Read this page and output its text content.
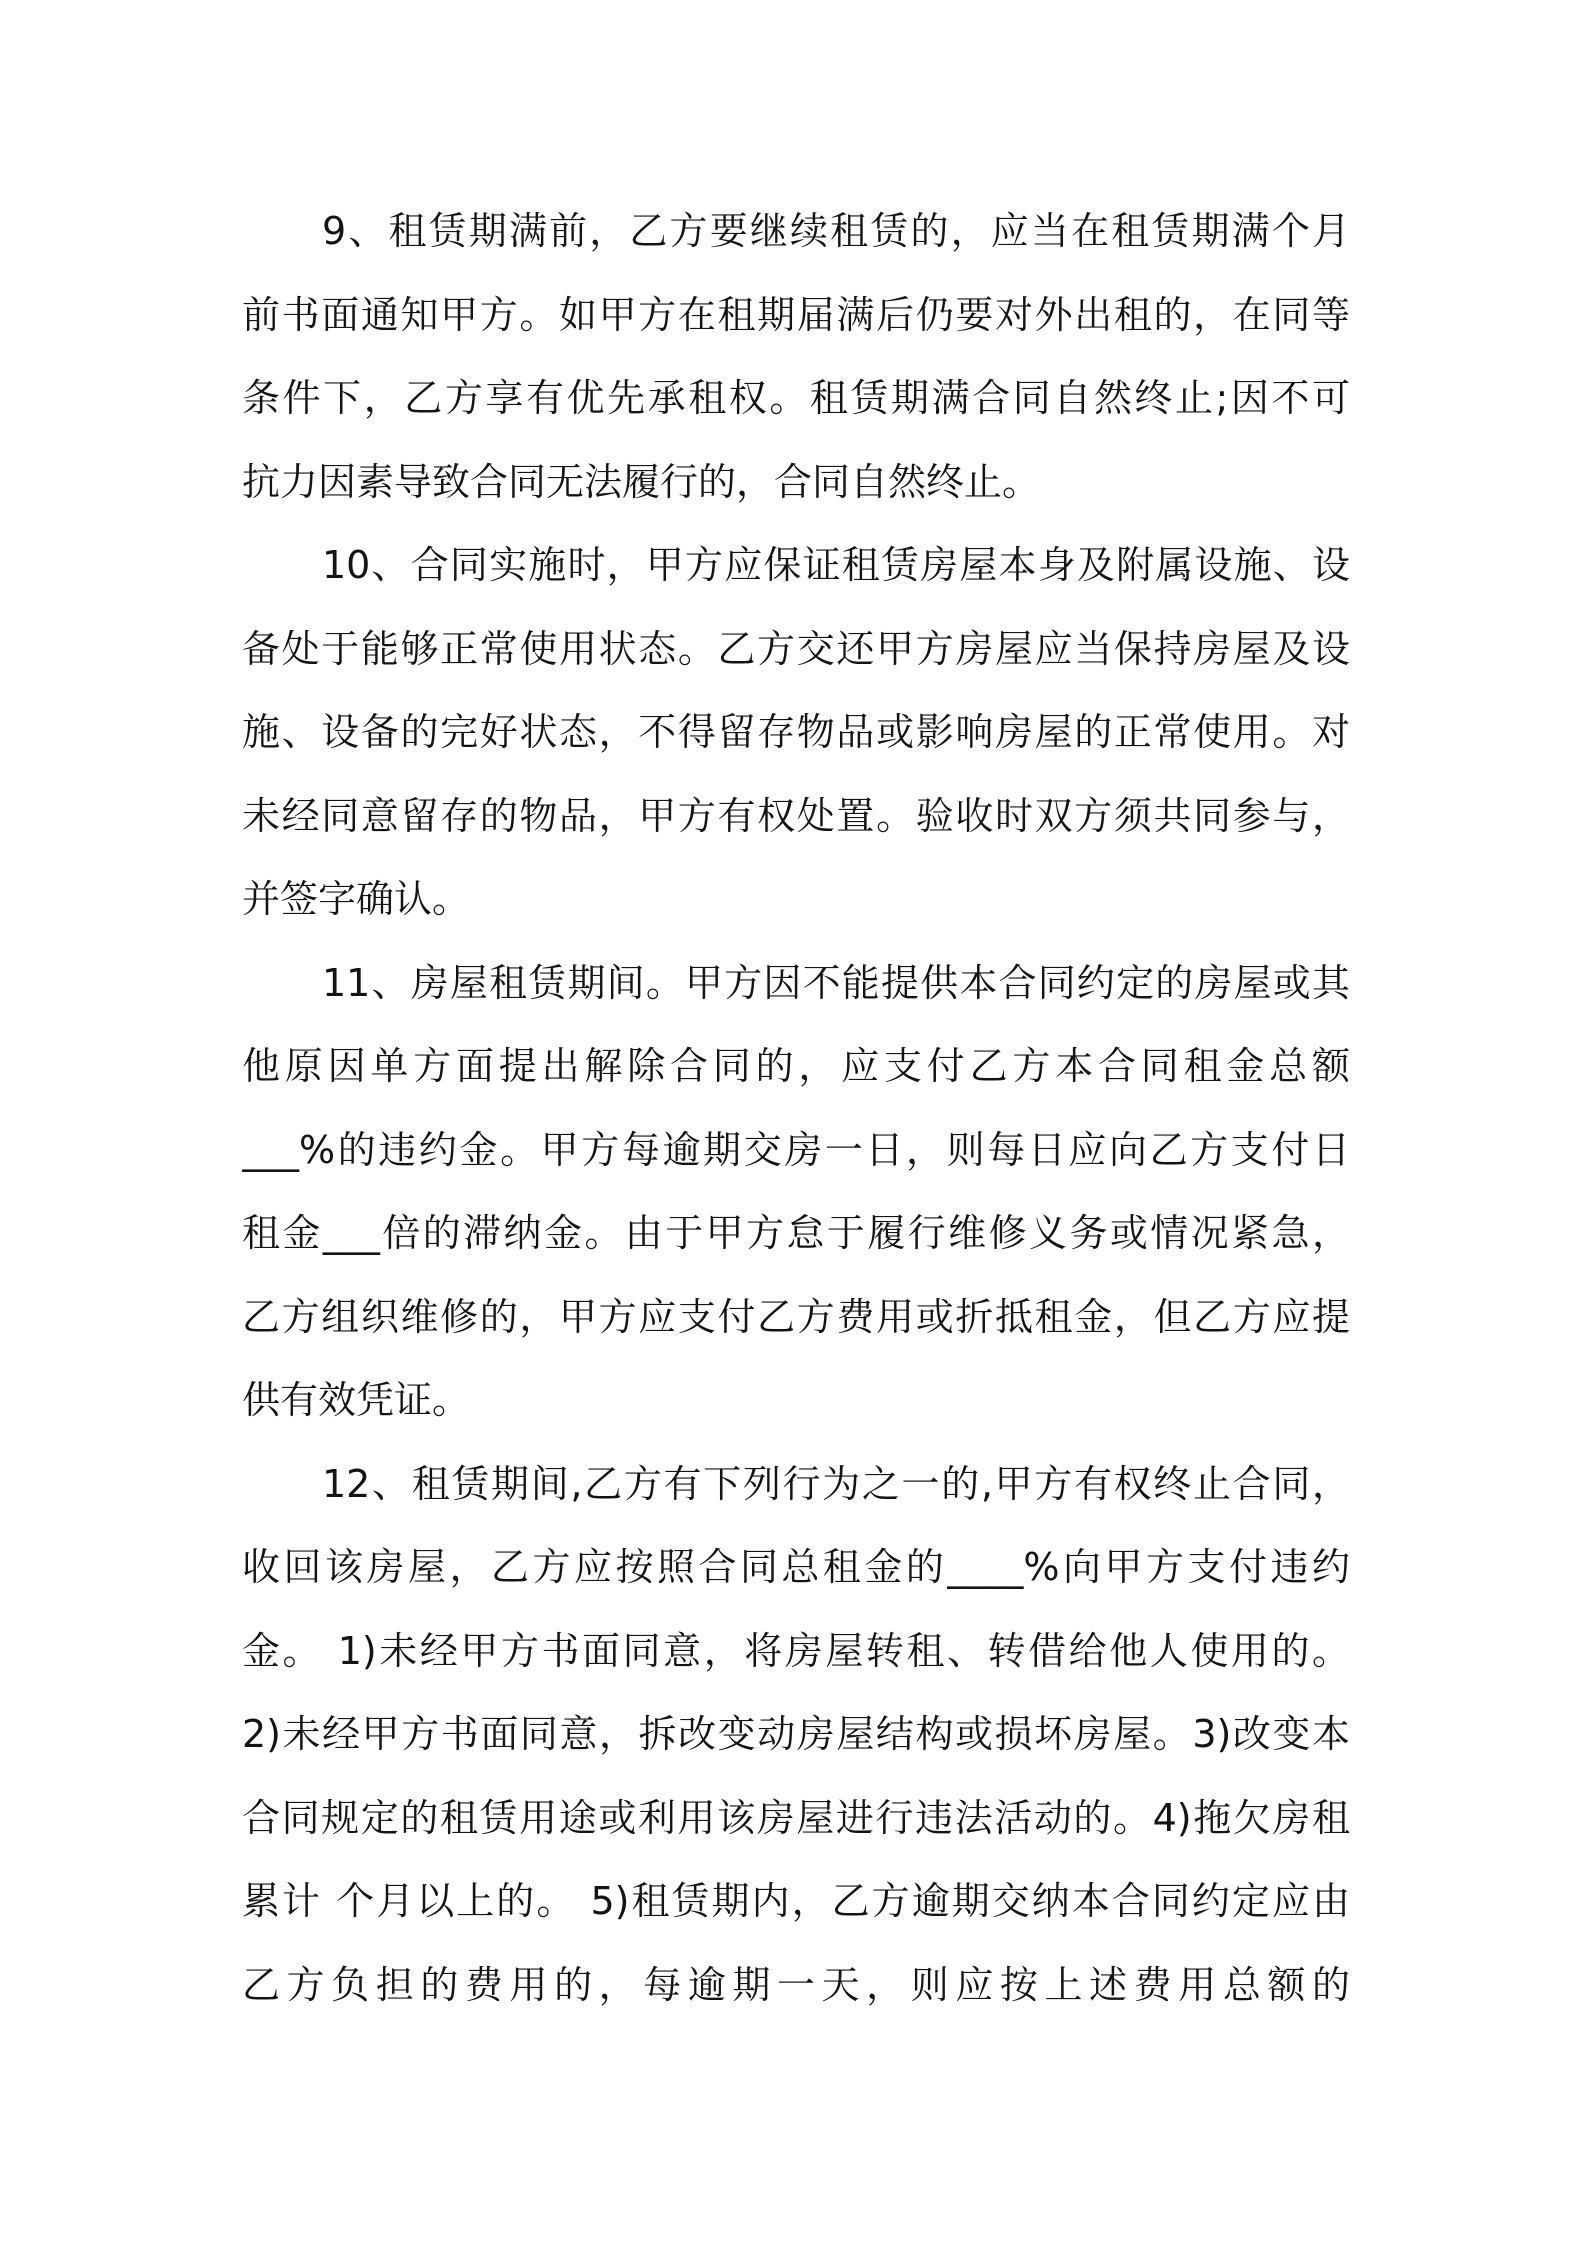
9、租赁期满前，乙方要继续租赁的，应当在租赁期满个月
前书面通知甲方。如甲方在租期届满后仍要对外出租的，在同等
条件下，乙方享有优先承租权。租赁期满合同自然终止;因不可
抗力因素导致合同无法履行的，合同自然终止。
10、合同实施时，甲方应保证租赁房屋本身及附属设施、设
备处于能够正常使用状态。乙方交还甲方房屋应当保持房屋及设
施、设备的完好状态，不得留存物品或影响房屋的正常使用。对
未经同意留存的物品，甲方有权处置。验收时双方须共同参与，
并签字确认。
11、房屋租赁期间。甲方因不能提供本合同约定的房屋或其
他原因单方面提出解除合同的，应支付乙方本合同租金总额
___%的违约金。甲方每逾期交房一日，则每日应向乙方支付日
租金___倍的滞纳金。由于甲方怠于履行维修义务或情况紧急，
乙方组织维修的，甲方应支付乙方费用或折抵租金，但乙方应提
供有效凭证。
12、租赁期间,乙方有下列行为之一的,甲方有权终止合同，
收回该房屋，乙方应按照合同总租金的____%向甲方支付违约
金。 1)未经甲方书面同意，将房屋转租、转借给他人使用的。
2)未经甲方书面同意，拆改变动房屋结构或损坏房屋。3)改变本
合同规定的租赁用途或利用该房屋进行违法活动的。4)拖欠房租
累计 个月以上的。 5)租赁期内，乙方逾期交纳本合同约定应由
乙方负担的费用的，每逾期一天，则应按上述费用总额的
